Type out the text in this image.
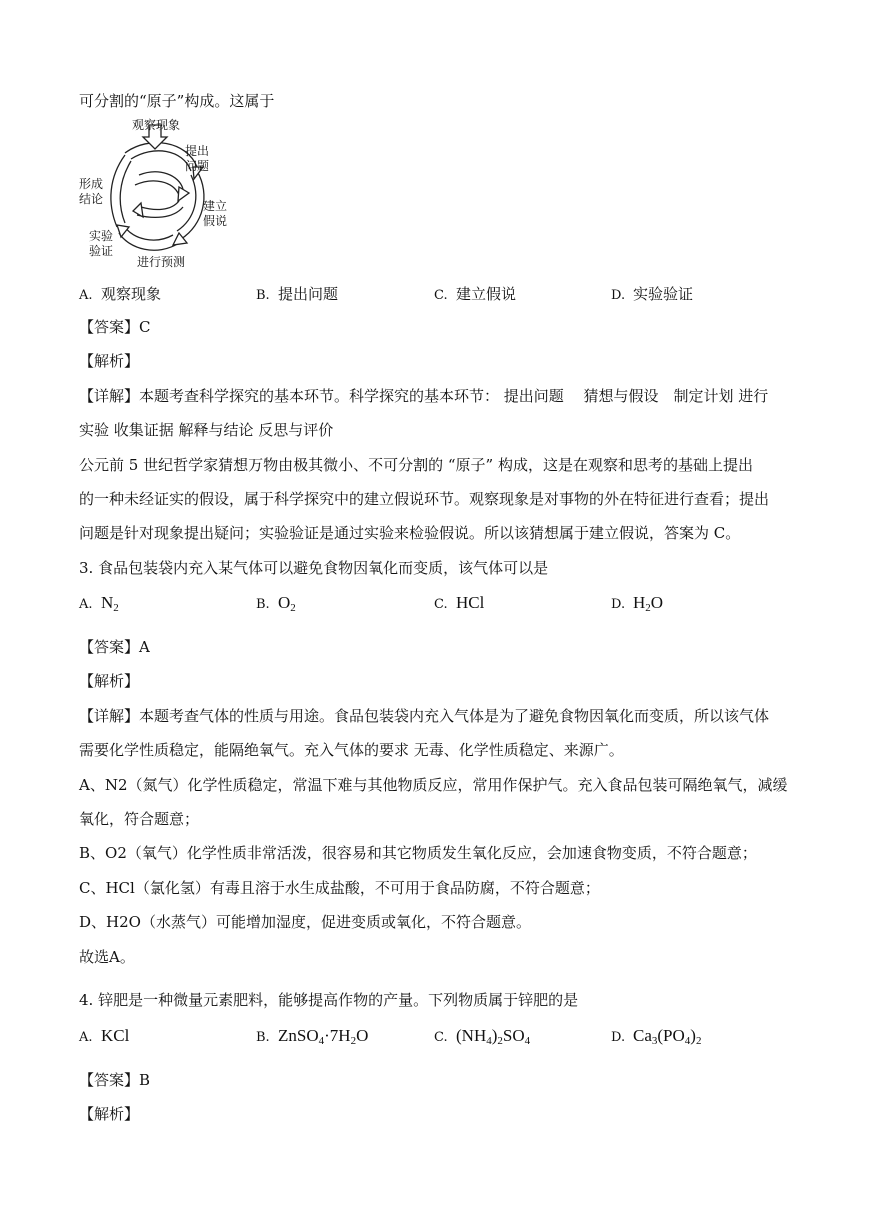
可分割的“原子”构成。这属于
观察现象
提出
问题
建立
假说
进行预测
实验
验证
形成
结论
A. 观察现象	B. 提出问题	C. 建立假说	D. 实验验证
【答案】C
【解析】
【详解】本题考查科学探究的基本环节。科学探究的基本环节： 提出问题 　猜想与假设　制定计划 进行
实验 收集证据 解释与结论 反思与评价
公元前 5 世纪哲学家猜想万物由极其微小、不可分割的 “原子” 构成，这是在观察和思考的基础上提出
的一种未经证实的假设，属于科学探究中的建立假说环节。观察现象是对事物的外在特征进行查看；提出
问题是针对现象提出疑问；实验验证是通过实验来检验假说。所以该猜想属于建立假说，答案为 C。
3. 食品包装袋内充入某气体可以避免食物因氧化而变质，该气体可以是
A. $N_2$	B. $O_2$	C. HCl	D. $H_2O$
【答案】A
【解析】
【详解】本题考查气体的性质与用途。食品包装袋内充入气体是为了避免食物因氧化而变质，所以该气体
需要化学性质稳定，能隔绝氧气。充入气体的要求 无毒、化学性质稳定、来源广。
A、N2（氮气）化学性质稳定，常温下难与其他物质反应，常用作保护气。充入食品包装可隔绝氧气，减缓
氧化，符合题意；
B、O2（氧气）化学性质非常活泼，很容易和其它物质发生氧化反应，会加速食物变质，不符合题意；
C、HCl（氯化氢）有毒且溶于水生成盐酸，不可用于食品防腐，不符合题意；
D、H2O（水蒸气）可能增加湿度，促进变质或氧化，不符合题意。
故选A。
4. 锌肥是一种微量元素肥料，能够提高作物的产量。下列物质属于锌肥的是
A. KCl	B. $ZnSO_4\cdot 7H_2O$	C. $(NH_4)_2SO_4$	D. $Ca_3(PO_4)_2$
【答案】B
【解析】
